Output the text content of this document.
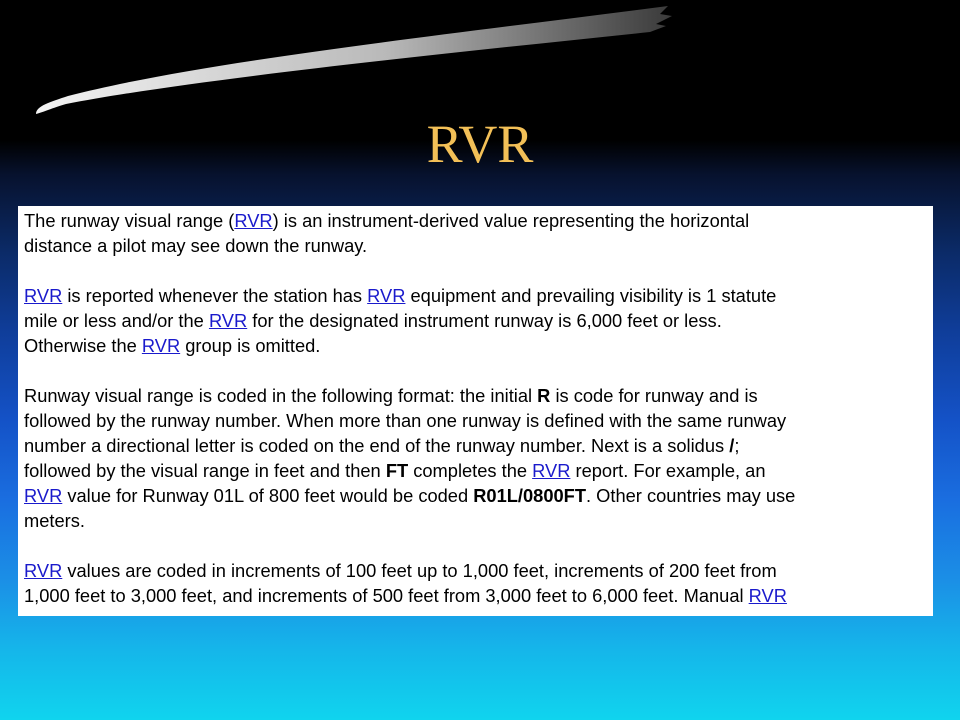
RVR

The runway visual range (RVR) is an instrument-derived value representing the horizontal
distance a pilot may see down the runway.

RVR is reported whenever the station has RVR equipment and prevailing visibility is 1 statute
mile or less and/or the RVR for the designated instrument runway is 6,000 feet or less.
Otherwise the RVR group is omitted.

Runway visual range is coded in the following format: the initial R is code for runway and is
followed by the runway number. When more than one runway is defined with the same runway
number a directional letter is coded on the end of the runway number. Next is a solidus /;
followed by the visual range in feet and then FT completes the RVR report. For example, an
RVR value for Runway 01L of 800 feet would be coded R01L/0800FT. Other countries may use
meters.

RVR values are coded in increments of 100 feet up to 1,000 feet, increments of 200 feet from
1,000 feet to 3,000 feet, and increments of 500 feet from 3,000 feet to 6,000 feet. Manual RVR
